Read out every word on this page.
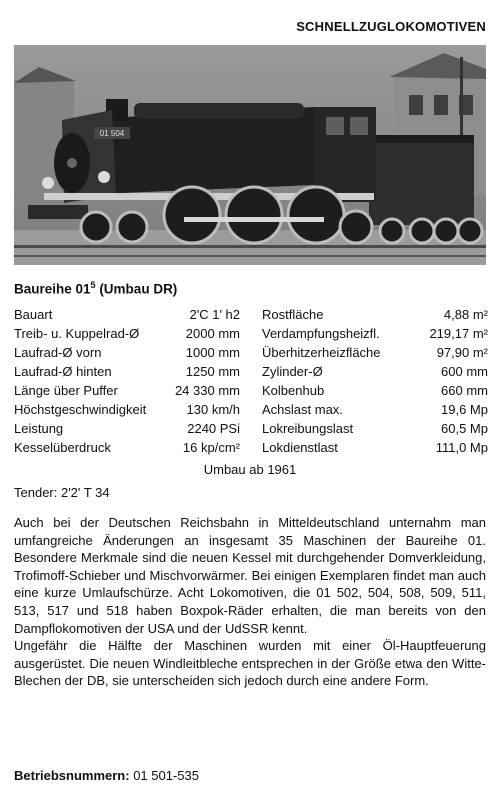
SCHNELLZUGLOKOMOTIVEN
01 504
Baureihe $01^5$ (Umbau DR)
Bauart	2'C 1' h2
Treib- u. Kuppelrad-Ø	2000 mm
Laufrad-Ø vorn	1000 mm
Laufrad-Ø hinten	1250 mm
Länge über Puffer	24 330 mm
Höchstgeschwindigkeit	130 km/h
Leistung	2240 PSi
Kesselüberdruck	16 kp/cm²
Rostfläche	4,88 m²
Verdampfungsheizfl.	219,17 m²
Überhitzerheizfläche	97,90 m²
Zylinder-Ø	600 mm
Kolbenhub	660 mm
Achslast max.	19,6 Mp
Lokreibungslast	60,5 Mp
Lokdienstlast	111,0 Mp
Umbau ab 1961
Tender: 2'2' T 34

Auch bei der Deutschen Reichsbahn in Mitteldeutschland unternahm man umfangreiche Änderungen an insgesamt 35 Maschinen der Baureihe 01. Besondere Merkmale sind die neuen Kessel mit durchgehender Domverkleidung, Trofimoff-Schieber und Mischvorwärmer. Bei einigen Exemplaren findet man auch eine kurze Umlaufschürze. Acht Lokomotiven, die 01 502, 504, 508, 509, 511, 513, 517 und 518 haben Boxpok-Räder erhalten, die man bereits von den Dampflokomotiven der USA und der UdSSR kennt.

Ungefähr die Hälfte der Maschinen wurden mit einer Öl-Hauptfeuerung ausgerüstet. Die neuen Windleitbleche entsprechen in der Größe etwa den Witte-Blechen der DB, sie unterscheiden sich jedoch durch eine andere Form.

Betriebsnummern: 01 501-535
